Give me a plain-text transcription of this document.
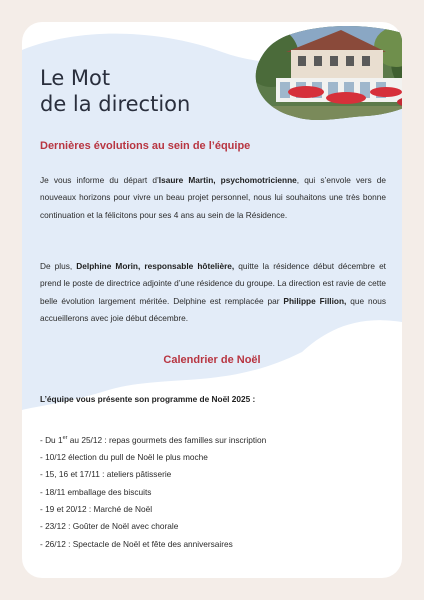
Le Mot
de la direction
Dernières évolutions au sein de l’équipe

Je vous informe du départ d’Isaure Martin, psychomotricienne, qui s’envole vers de nouveaux horizons pour vivre un beau projet personnel, nous lui souhaitons une très bonne continuation et la félicitons pour ses 4 ans au sein de la Résidence.

De plus, Delphine Morin, responsable hôtelière, quitte la résidence début décembre et prend le poste de directrice adjointe d’une résidence du groupe. La direction est ravie de cette belle évolution largement méritée. Delphine est remplacée par Philippe Fillion, que nous accueillerons avec joie début décembre.

Calendrier de Noël

L’équipe vous présente son programme de Noël 2025 :

- Du 1er au 25/12 : repas gourmets des familles sur inscription
- 10/12 élection du pull de Noël le plus moche
- 15, 16 et 17/11 : ateliers pâtisserie
- 18/11 emballage des biscuits
- 19 et 20/12 : Marché de Noël
- 23/12 : Goûter de Noël avec chorale
- 26/12 : Spectacle de Noël et fête des anniversaires
